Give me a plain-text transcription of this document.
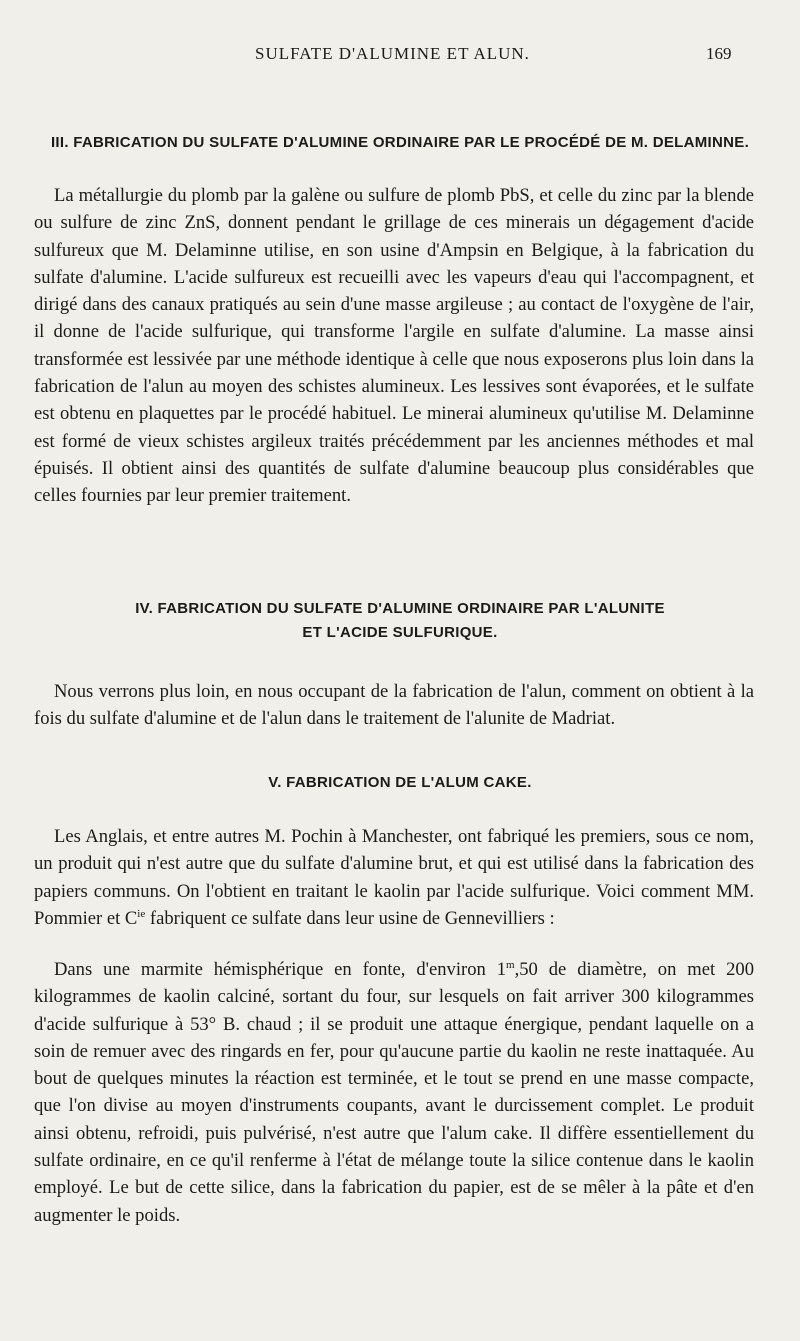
SULFATE D'ALUMINE ET ALUN.	169
III. FABRICATION DU SULFATE D'ALUMINE ORDINAIRE PAR LE PROCÉDÉ DE M. DELAMINNE.

La métallurgie du plomb par la galène ou sulfure de plomb PbS, et celle du zinc par la blende ou sulfure de zinc ZnS, donnent pendant le grillage de ces minerais un dégagement d'acide sulfureux que M. Delaminne utilise, en son usine d'Ampsin en Belgique, à la fabrication du sulfate d'alumine. L'acide sulfureux est recueilli avec les vapeurs d'eau qui l'accompagnent, et dirigé dans des canaux pratiqués au sein d'une masse argileuse ; au contact de l'oxygène de l'air, il donne de l'acide sulfurique, qui transforme l'argile en sulfate d'alumine. La masse ainsi transformée est lessivée par une méthode identique à celle que nous exposerons plus loin dans la fabrication de l'alun au moyen des schistes alumineux. Les lessives sont évaporées, et le sulfate est obtenu en plaquettes par le procédé habituel. Le minerai alumineux qu'utilise M. Delaminne est formé de vieux schistes argileux traités précédemment par les anciennes méthodes et mal épuisés. Il obtient ainsi des quantités de sulfate d'alumine beaucoup plus considérables que celles fournies par leur premier traitement.

IV. FABRICATION DU SULFATE D'ALUMINE ORDINAIRE PAR L'ALUNITE
ET L'ACIDE SULFURIQUE.

Nous verrons plus loin, en nous occupant de la fabrication de l'alun, comment on obtient à la fois du sulfate d'alumine et de l'alun dans le traitement de l'alunite de Madriat.

V. FABRICATION DE L'ALUM CAKE.

Les Anglais, et entre autres M. Pochin à Manchester, ont fabriqué les premiers, sous ce nom, un produit qui n'est autre que du sulfate d'alumine brut, et qui est utilisé dans la fabrication des papiers communs. On l'obtient en traitant le kaolin par l'acide sulfurique. Voici comment MM. Pommier et $C^{ie}$ fabriquent ce sulfate dans leur usine de Gennevilliers :

Dans une marmite hémisphérique en fonte, d'environ 1$^m$,50 de diamètre, on met 200 kilogrammes de kaolin calciné, sortant du four, sur lesquels on fait arriver 300 kilogrammes d'acide sulfurique à 53° B. chaud ; il se produit une attaque énergique, pendant laquelle on a soin de remuer avec des ringards en fer, pour qu'aucune partie du kaolin ne reste inattaquée. Au bout de quelques minutes la réaction est terminée, et le tout se prend en une masse compacte, que l'on divise au moyen d'instruments coupants, avant le durcissement complet. Le produit ainsi obtenu, refroidi, puis pulvérisé, n'est autre que l'alum cake. Il diffère essentiellement du sulfate ordinaire, en ce qu'il renferme à l'état de mélange toute la silice contenue dans le kaolin employé. Le but de cette silice, dans la fabrication du papier, est de se mêler à la pâte et d'en augmenter le poids.
